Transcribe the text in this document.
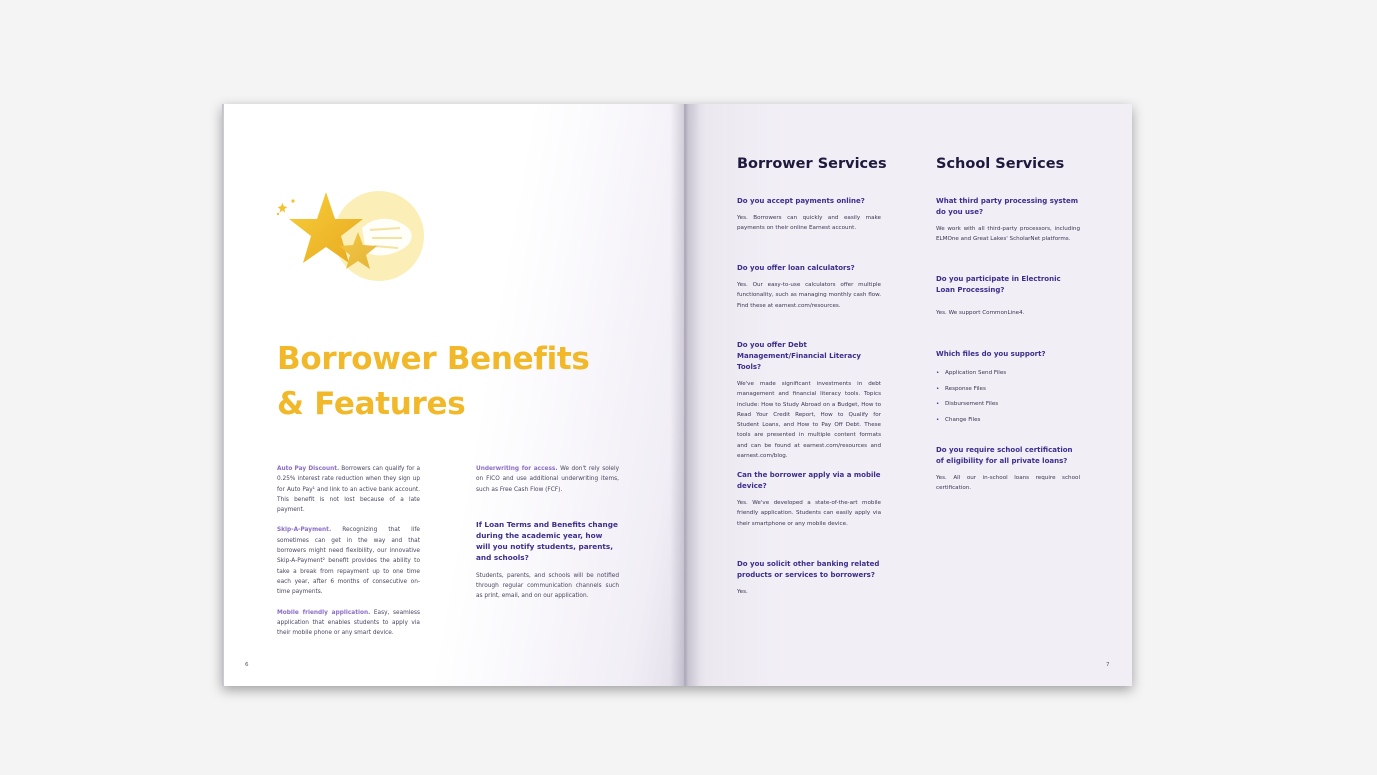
Borrower Benefits
& Features

Auto Pay Discount. Borrowers can qualify for a 0.25% interest rate reduction when they sign up for Auto Pay¹ and link to an active bank account. This benefit is not lost because of a late payment.

Skip-A-Payment. Recognizing that life sometimes can get in the way and that borrowers might need flexibility, our innovative Skip-A-Payment² benefit provides the ability to take a break from repayment up to one time each year, after 6 months of consecutive on-time payments.

Mobile friendly application. Easy, seamless application that enables students to apply via their mobile phone or any smart device.

Underwriting for access. We don't rely solely on FICO and use additional underwriting items, such as Free Cash Flow (FCF).

If Loan Terms and Benefits change during the academic year, how will you notify students, parents, and schools?

Students, parents, and schools will be notified through regular communication channels such as print, email, and on our application.

6
Borrower Services	School Services

Do you accept payments online?

Yes. Borrowers can quickly and easily make payments on their online Earnest account.

Do you offer loan calculators?

Yes. Our easy-to-use calculators offer multiple functionality, such as managing monthly cash flow. Find these at earnest.com/resources.

Do you offer Debt Management/Financial Literacy Tools?

We've made significant investments in debt management and financial literacy tools. Topics include: How to Study Abroad on a Budget, How to Read Your Credit Report, How to Qualify for Student Loans, and How to Pay Off Debt. These tools are presented in multiple content formats and can be found at earnest.com/resources and earnest.com/blog.

Can the borrower apply via a mobile device?

Yes. We've developed a state-of-the-art mobile friendly application. Students can easily apply via their smartphone or any mobile device.

Do you solicit other banking related products or services to borrowers?

Yes.

What third party processing system do you use?

We work with all third-party processors, including ELMOne and Great Lakes' ScholarNet platforms.

Do you participate in Electronic Loan Processing?

Yes. We support CommonLine4.

Which files do you support?

• Application Send Files
• Response Files
• Disbursement Files
• Change Files

Do you require school certification of eligibility for all private loans?

Yes. All our in-school loans require school certification.

7
